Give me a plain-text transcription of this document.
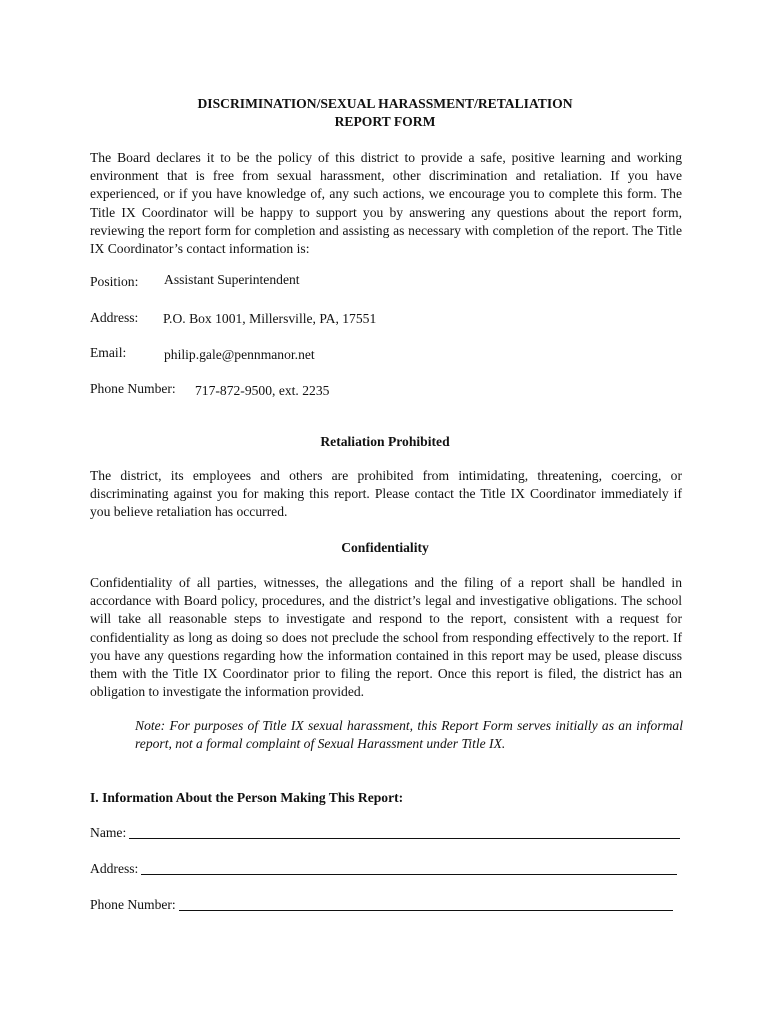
DISCRIMINATION/SEXUAL HARASSMENT/RETALIATION
REPORT FORM
The Board declares it to be the policy of this district to provide a safe, positive learning and working environment that is free from sexual harassment, other discrimination and retaliation. If you have experienced, or if you have knowledge of, any such actions, we encourage you to complete this form. The Title IX Coordinator will be happy to support you by answering any questions about the report form, reviewing the report form for completion and assisting as necessary with completion of the report. The Title IX Coordinator’s contact information is:
Position: Assistant Superintendent
Address: P.O. Box 1001, Millersville, PA, 17551
Email:	philip.gale@pennmanor.net
Phone Number: 717-872-9500, ext. 2235
Retaliation Prohibited
The district, its employees and others are prohibited from intimidating, threatening, coercing, or discriminating against you for making this report. Please contact the Title IX Coordinator immediately if you believe retaliation has occurred.
Confidentiality
Confidentiality of all parties, witnesses, the allegations and the filing of a report shall be handled in accordance with Board policy, procedures, and the district’s legal and investigative obligations. The school will take all reasonable steps to investigate and respond to the report, consistent with a request for confidentiality as long as doing so does not preclude the school from responding effectively to the report. If you have any questions regarding how the information contained in this report may be used, please discuss them with the Title IX Coordinator prior to filing the report. Once this report is filed, the district has an obligation to investigate the information provided.
Note: For purposes of Title IX sexual harassment, this Report Form serves initially as an informal report, not a formal complaint of Sexual Harassment under Title IX.
I. Information About the Person Making This Report:
Name:
Address:
Phone Number:
